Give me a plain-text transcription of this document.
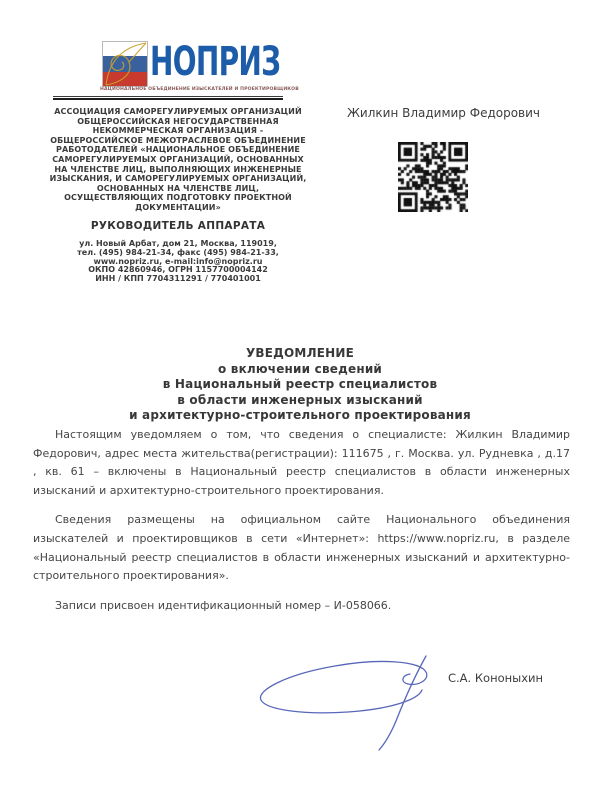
НОПРИЗ
НАЦИОНАЛЬНОЕ ОБЪЕДИНЕНИЕ ИЗЫСКАТЕЛЕЙ И ПРОЕКТИРОВЩИКОВ
Жилкин Владимир Федорович
АССОЦИАЦИЯ САМОРЕГУЛИРУЕМЫХ ОРГАНИЗАЦИЙ
ОБЩЕРОССИЙСКАЯ НЕГОСУДАРСТВЕННАЯ
НЕКОММЕРЧЕСКАЯ ОРГАНИЗАЦИЯ -
ОБЩЕРОССИЙСКОЕ МЕЖОТРАСЛЕВОЕ ОБЪЕДИНЕНИЕ
РАБОТОДАТЕЛЕЙ «НАЦИОНАЛЬНОЕ ОБЪЕДИНЕНИЕ
САМОРЕГУЛИРУЕМЫХ ОРГАНИЗАЦИЙ, ОСНОВАННЫХ
НА ЧЛЕНСТВЕ ЛИЦ, ВЫПОЛНЯЮЩИХ ИНЖЕНЕРНЫЕ
ИЗЫСКАНИЯ, И САМОРЕГУЛИРУЕМЫХ ОРГАНИЗАЦИЙ,
ОСНОВАННЫХ НА ЧЛЕНСТВЕ ЛИЦ,
ОСУЩЕСТВЛЯЮЩИХ ПОДГОТОВКУ ПРОЕКТНОЙ
ДОКУМЕНТАЦИИ»
РУКОВОДИТЕЛЬ АППАРАТА
ул. Новый Арбат, дом 21, Москва, 119019,
тел. (495) 984-21-34, факс (495) 984-21-33,
www.nopriz.ru, e-mail:info@nopriz.ru
ОКПО 42860946, ОГРН 1157700004142
ИНН / КПП 7704311291 / 770401001
УВЕДОМЛЕНИЕ
о включении сведений
в Национальный реестр специалистов
в области инженерных изысканий
и архитектурно-строительного проектирования

Настоящим уведомляем о том, что сведения о специалисте: Жилкин Владимир Федорович, адрес места жительства(регистрации): 111675 , г. Москва. ул. Рудневка , д.17 , кв. 61 – включены в Национальный реестр специалистов в области инженерных изысканий и архитектурно-строительного проектирования.

Сведения размещены на официальном сайте Национального объединения изыскателей и проектировщиков в сети «Интернет»: https://www.nopriz.ru, в разделе «Национальный реестр специалистов в области инженерных изысканий и архитектурно-строительного проектирования».

Записи присвоен идентификационный номер – И-058066.

С.А. Кононыхин
